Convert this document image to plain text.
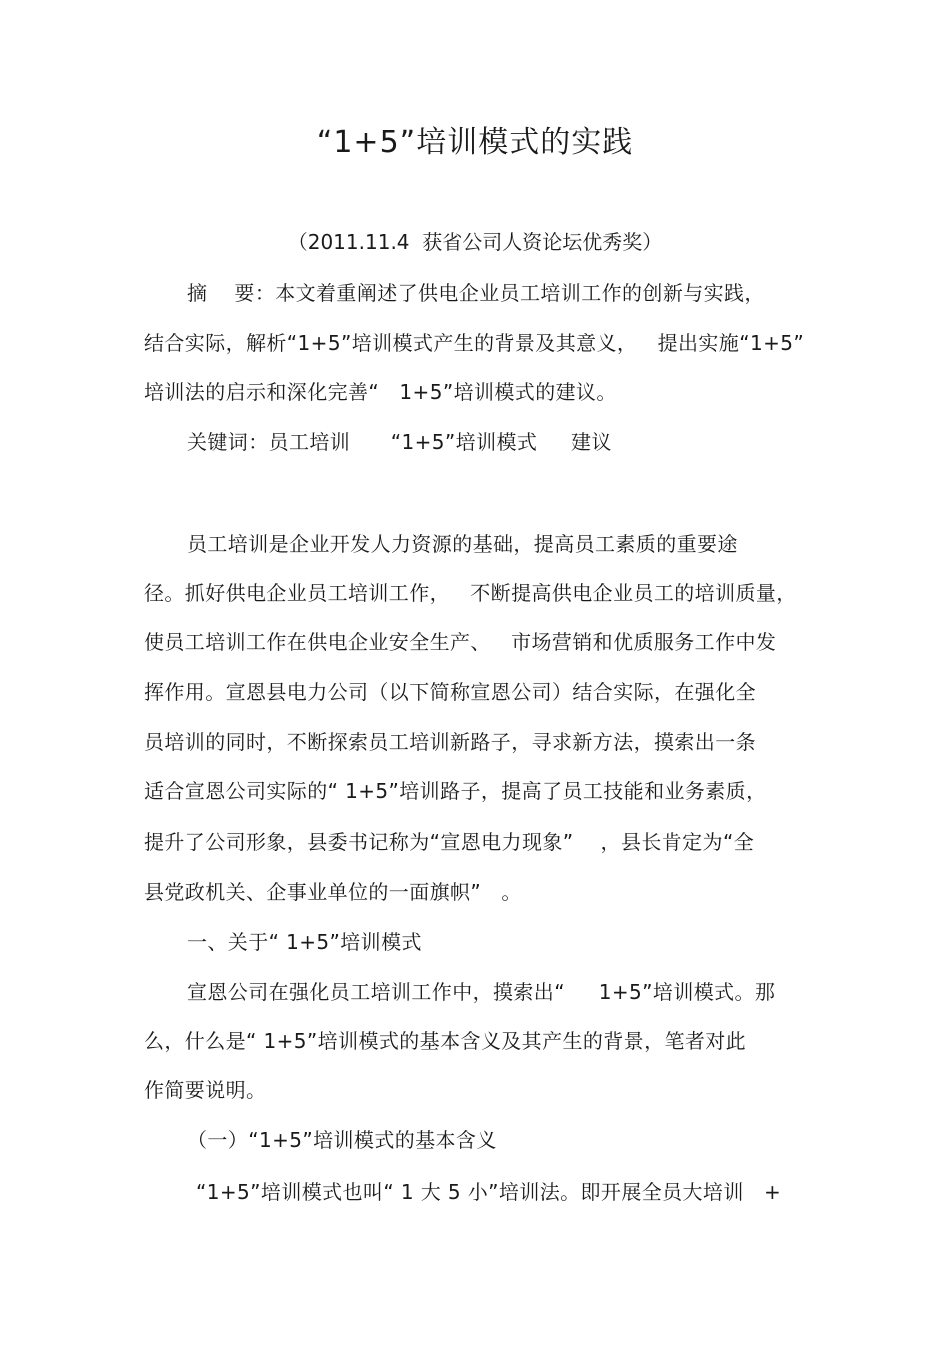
“1+5”培训模式的实践
（2011.11.4  获省公司人资论坛优秀奖）
摘    要：本文着重阐述了供电企业员工培训工作的创新与实践，
结合实际，解析“1+5”培训模式产生的背景及其意义，   提出实施“1+5”
培训法的启示和深化完善“   1+5”培训模式的建议。
关键词：员工培训      “1+5”培训模式     建议
员工培训是企业开发人力资源的基础，提高员工素质的重要途
径。抓好供电企业员工培训工作，   不断提高供电企业员工的培训质量，
使员工培训工作在供电企业安全生产、   市场营销和优质服务工作中发
挥作用。宣恩县电力公司（以下简称宣恩公司）结合实际，在强化全
员培训的同时，不断探索员工培训新路子，寻求新方法，摸索出一条
适合宣恩公司实际的“ 1+5”培训路子，提高了员工技能和业务素质，
提升了公司形象，县委书记称为“宣恩电力现象”    ，县长肯定为“全
县党政机关、企事业单位的一面旗帜”   。
一、关于“ 1+5”培训模式
宣恩公司在强化员工培训工作中，摸索出“     1+5”培训模式。那
么，什么是“ 1+5”培训模式的基本含义及其产生的背景，笔者对此
作简要说明。
（一）“1+5”培训模式的基本含义
“1+5”培训模式也叫“ 1 大 5 小”培训法。即开展全员大培训   +
